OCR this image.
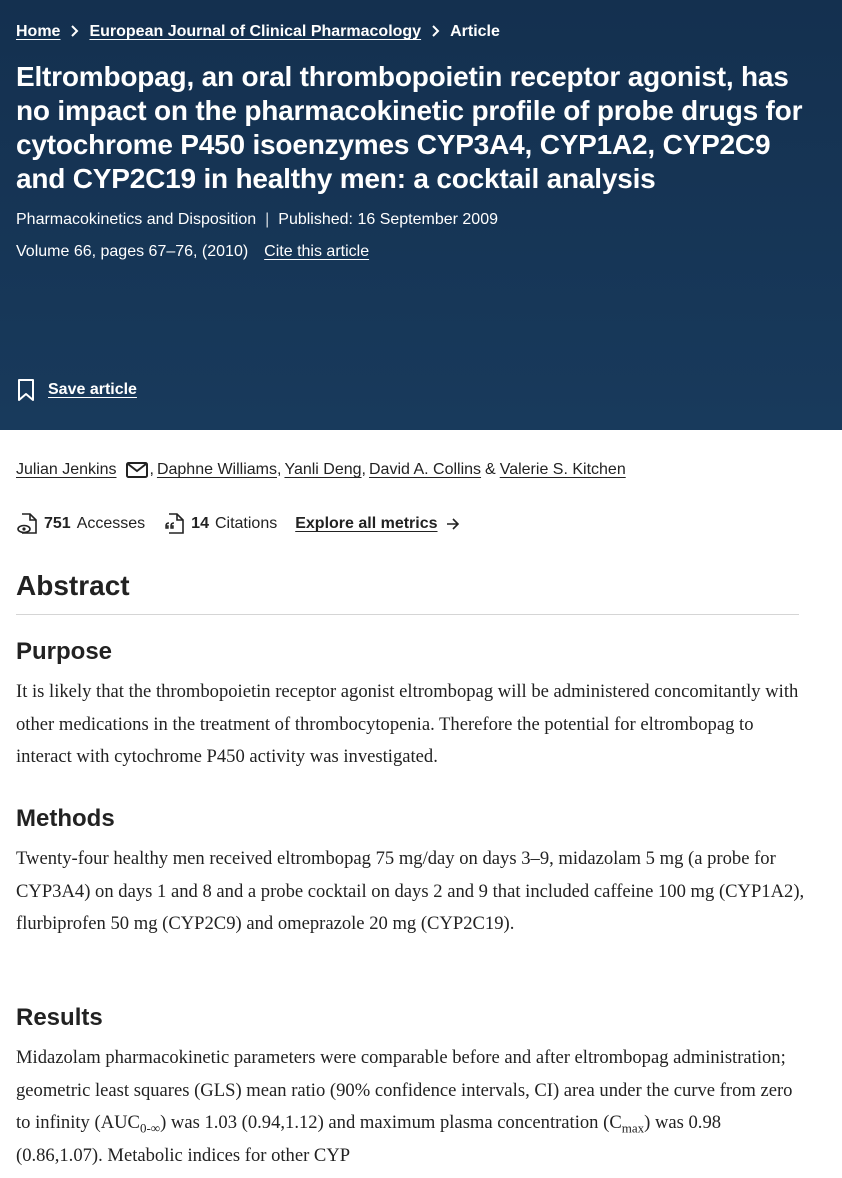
Home European Journal of Clinical Pharmacology Article
Eltrombopag, an oral thrombopoietin receptor agonist, has no impact on the pharmacokinetic profile of probe drugs for cytochrome P450 isoenzymes CYP3A4, CYP1A2, CYP2C9 and CYP2C19 in healthy men: a cocktail analysis
Pharmacokinetics and Disposition | Published: 16 September 2009
Volume 66, pages 67–76, (2010) Cite this article
Save article
Julian Jenkins , Daphne Williams , Yanli Deng , David A. Collins & Valerie S. Kitchen
751 Accesses	14 Citations Explore all metrics
Abstract
Purpose

It is likely that the thrombopoietin receptor agonist eltrombopag will be administered concomitantly with other medications in the treatment of thrombocytopenia. Therefore the potential for eltrombopag to interact with cytochrome P450 activity was investigated.

Methods

Twenty-four healthy men received eltrombopag 75 mg/day on days 3–9, midazolam 5 mg (a probe for CYP3A4) on days 1 and 8 and a probe cocktail on days 2 and 9 that included caffeine 100 mg (CYP1A2), flurbiprofen 50 mg (CYP2C9) and omeprazole 20 mg (CYP2C19).

Results

Midazolam pharmacokinetic parameters were comparable before and after eltrombopag administration; geometric least squares (GLS) mean ratio (90% confidence intervals, CI) area under the curve from zero to infinity $(AUC_{0-\infty})$ was 1.03 (0.94,1.12) and maximum plasma concentration $(C_{max})$ was 0.98 (0.86,1.07). Metabolic indices for other CYP
